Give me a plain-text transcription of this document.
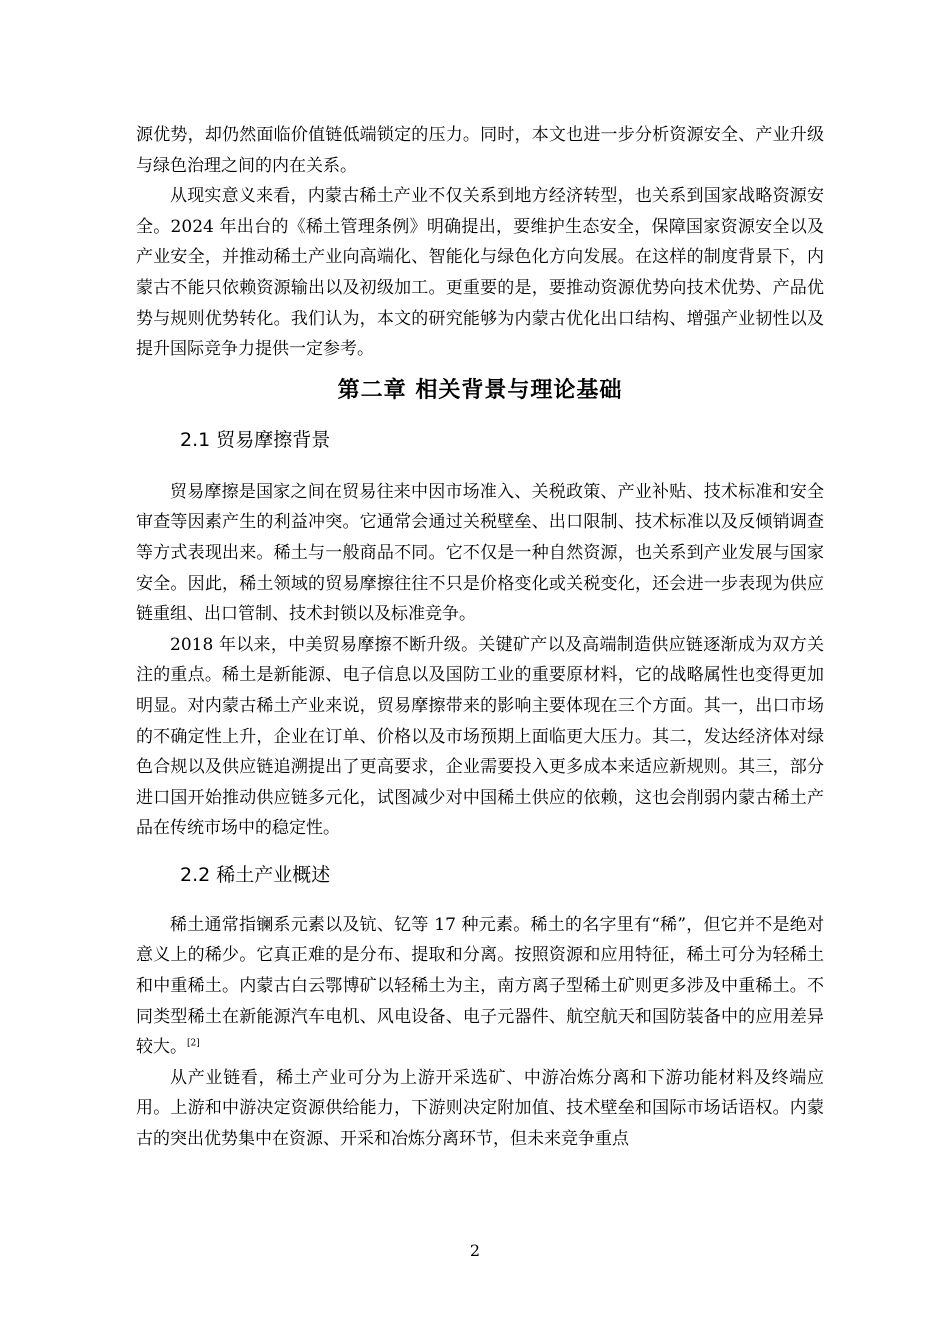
源优势，却仍然面临价值链低端锁定的压力。同时，本文也进一步分析资源安全、产业升级与绿色治理之间的内在关系。

从现实意义来看，内蒙古稀土产业不仅关系到地方经济转型，也关系到国家战略资源安全。2024 年出台的《稀土管理条例》明确提出，要维护生态安全，保障国家资源安全以及产业安全，并推动稀土产业向高端化、智能化与绿色化方向发展。在这样的制度背景下，内蒙古不能只依赖资源输出以及初级加工。更重要的是，要推动资源优势向技术优势、产品优势与规则优势转化。我们认为，本文的研究能够为内蒙古优化出口结构、增强产业韧性以及提升国际竞争力提供一定参考。

第二章 相关背景与理论基础
2.1 贸易摩擦背景

贸易摩擦是国家之间在贸易往来中因市场准入、关税政策、产业补贴、技术标准和安全审查等因素产生的利益冲突。它通常会通过关税壁垒、出口限制、技术标准以及反倾销调查等方式表现出来。稀土与一般商品不同。它不仅是一种自然资源，也关系到产业发展与国家安全。因此，稀土领域的贸易摩擦往往不只是价格变化或关税变化，还会进一步表现为供应链重组、出口管制、技术封锁以及标准竞争。

2018 年以来，中美贸易摩擦不断升级。关键矿产以及高端制造供应链逐渐成为双方关注的重点。稀土是新能源、电子信息以及国防工业的重要原材料，它的战略属性也变得更加明显。对内蒙古稀土产业来说，贸易摩擦带来的影响主要体现在三个方面。其一，出口市场的不确定性上升，企业在订单、价格以及市场预期上面临更大压力。其二，发达经济体对绿色合规以及供应链追溯提出了更高要求，企业需要投入更多成本来适应新规则。其三，部分进口国开始推动供应链多元化，试图减少对中国稀土供应的依赖，这也会削弱内蒙古稀土产品在传统市场中的稳定性。

2.2 稀土产业概述

稀土通常指镧系元素以及钪、钇等 17 种元素。稀土的名字里有“稀”，但它并不是绝对意义上的稀少。它真正难的是分布、提取和分离。按照资源和应用特征，稀土可分为轻稀土和中重稀土。内蒙古白云鄂博矿以轻稀土为主，南方离子型稀土矿则更多涉及中重稀土。不同类型稀土在新能源汽车电机、风电设备、电子元器件、航空航天和国防装备中的应用差异较大。[2]

从产业链看，稀土产业可分为上游开采选矿、中游冶炼分离和下游功能材料及终端应用。上游和中游决定资源供给能力，下游则决定附加值、技术壁垒和国际市场话语权。内蒙古的突出优势集中在资源、开采和冶炼分离环节，但未来竞争重点

2
